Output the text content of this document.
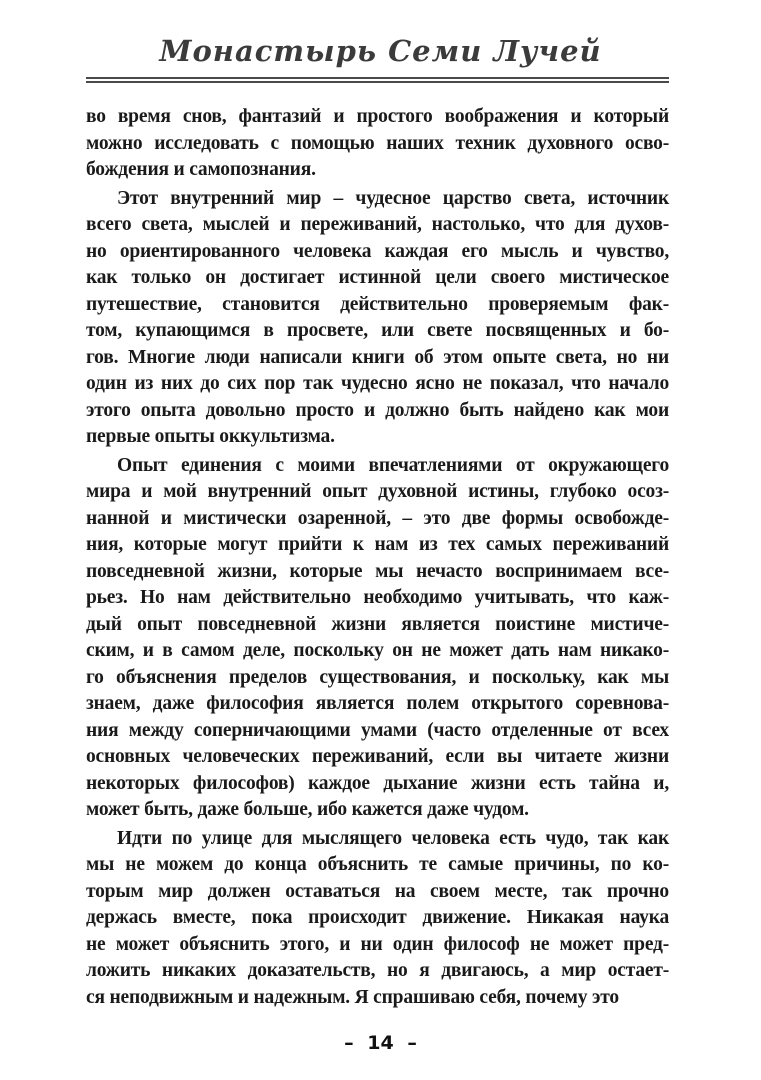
Монастырь Семи Лучей
во время снов, фантазий и простого воображения и который
можно исследовать с помощью наших техник духовного осво-
бождения и самопознания.
Этот внутренний мир – чудесное царство света, источник
всего света, мыслей и переживаний, настолько, что для духов-
но ориентированного человека каждая его мысль и чувство,
как только он достигает истинной цели своего мистическое
путешествие, становится действительно проверяемым фак-
том, купающимся в просвете, или свете посвященных и бо-
гов. Многие люди написали книги об этом опыте света, но ни
один из них до сих пор так чудесно ясно не показал, что начало
этого опыта довольно просто и должно быть найдено как мои
первые опыты оккультизма.
Опыт единения с моими впечатлениями от окружающего
мира и мой внутренний опыт духовной истины, глубоко осоз-
нанной и мистически озаренной, – это две формы освобожде-
ния, которые могут прийти к нам из тех самых переживаний
повседневной жизни, которые мы нечасто воспринимаем все-
рьез. Но нам действительно необходимо учитывать, что каж-
дый опыт повседневной жизни является поистине мистиче-
ским, и в самом деле, поскольку он не может дать нам никако-
го объяснения пределов существования, и поскольку, как мы
знаем, даже философия является полем открытого соревнова-
ния между соперничающими умами (часто отделенные от всех
основных человеческих переживаний, если вы читаете жизни
некоторых философов) каждое дыхание жизни есть тайна и,
может быть, даже больше, ибо кажется даже чудом.
Идти по улице для мыслящего человека есть чудо, так как
мы не можем до конца объяснить те самые причины, по ко-
торым мир должен оставаться на своем месте, так прочно
держась вместе, пока происходит движение. Никакая наука
не может объяснить этого, и ни один философ не может пред-
ложить никаких доказательств, но я двигаюсь, а мир остает-
ся неподвижным и надежным. Я спрашиваю себя, почему это
– 14 –
